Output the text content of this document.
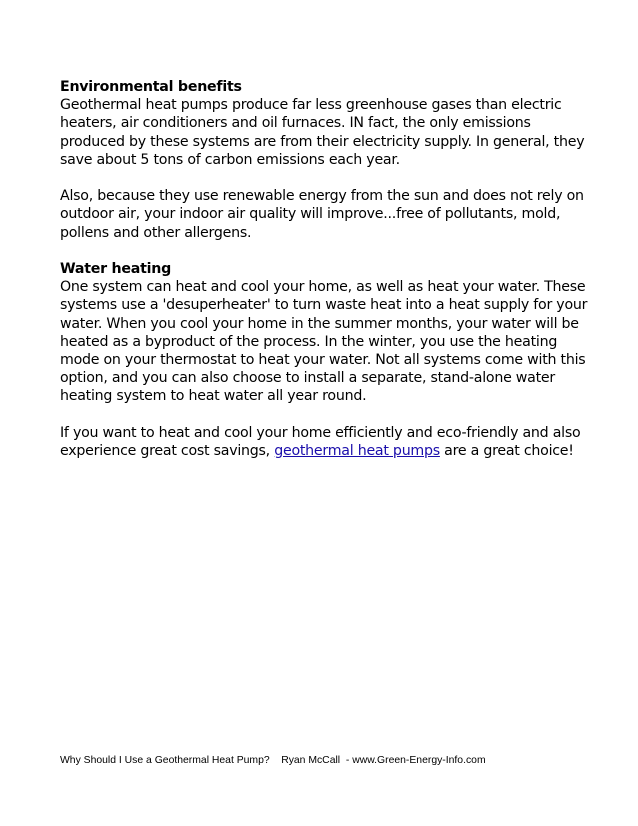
Environmental benefits

Geothermal heat pumps produce far less greenhouse gases than electric heaters, air conditioners and oil furnaces. IN fact, the only emissions produced by these systems are from their electricity supply. In general, they save about 5 tons of carbon emissions each year.

Also, because they use renewable energy from the sun and does not rely on outdoor air, your indoor air quality will improve...free of pollutants, mold, pollens and other allergens.

Water heating

One system can heat and cool your home, as well as heat your water. These systems use a 'desuperheater' to turn waste heat into a heat supply for your water. When you cool your home in the summer months, your water will be heated as a byproduct of the process. In the winter, you use the heating mode on your thermostat to heat your water. Not all systems come with this option, and you can also choose to install a separate, stand-alone water heating system to heat water all year round.

If you want to heat and cool your home efficiently and eco-friendly and also experience great cost savings, geothermal heat pumps are a great choice!

Why Should I Use a Geothermal Heat Pump?    Ryan McCall  - www.Green-Energy-Info.com
